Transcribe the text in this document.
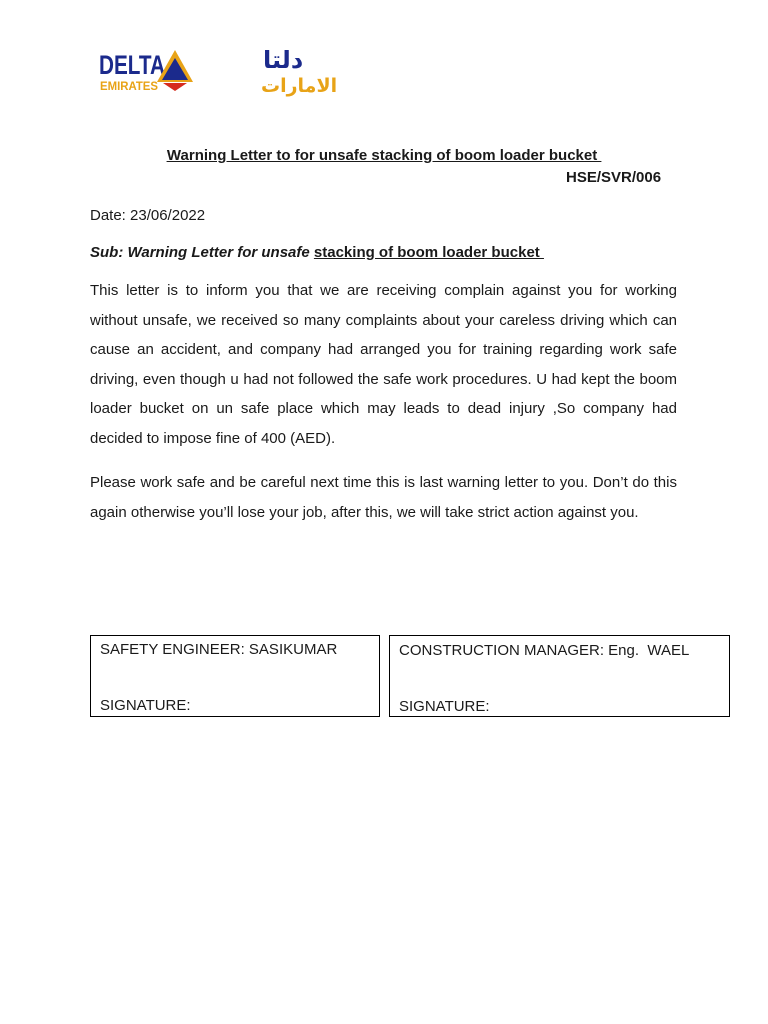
DELTA
EMIRATES
دلتا
الامارات

Warning Letter to for unsafe stacking of boom loader bucket

HSE/SVR/006
Date: 23/06/2022
Sub: Warning Letter for unsafe stacking of boom loader bucket

This letter is to inform you that we are receiving complain against you for working without unsafe, we received so many complaints about your careless driving which can cause an accident, and company had arranged you for training regarding work safe driving, even though u had not followed the safe work procedures. U had kept the boom loader bucket on un safe place which may leads to dead injury ,So company had decided to impose fine of 400 (AED).

Please work safe and be careful next time this is last warning letter to you. Don’t do this again otherwise you’ll lose your job, after this, we will take strict action against you.

SAFETY ENGINEER: SASIKUMAR
SIGNATURE:
CONSTRUCTION MANAGER: Eng.  WAEL
SIGNATURE:
